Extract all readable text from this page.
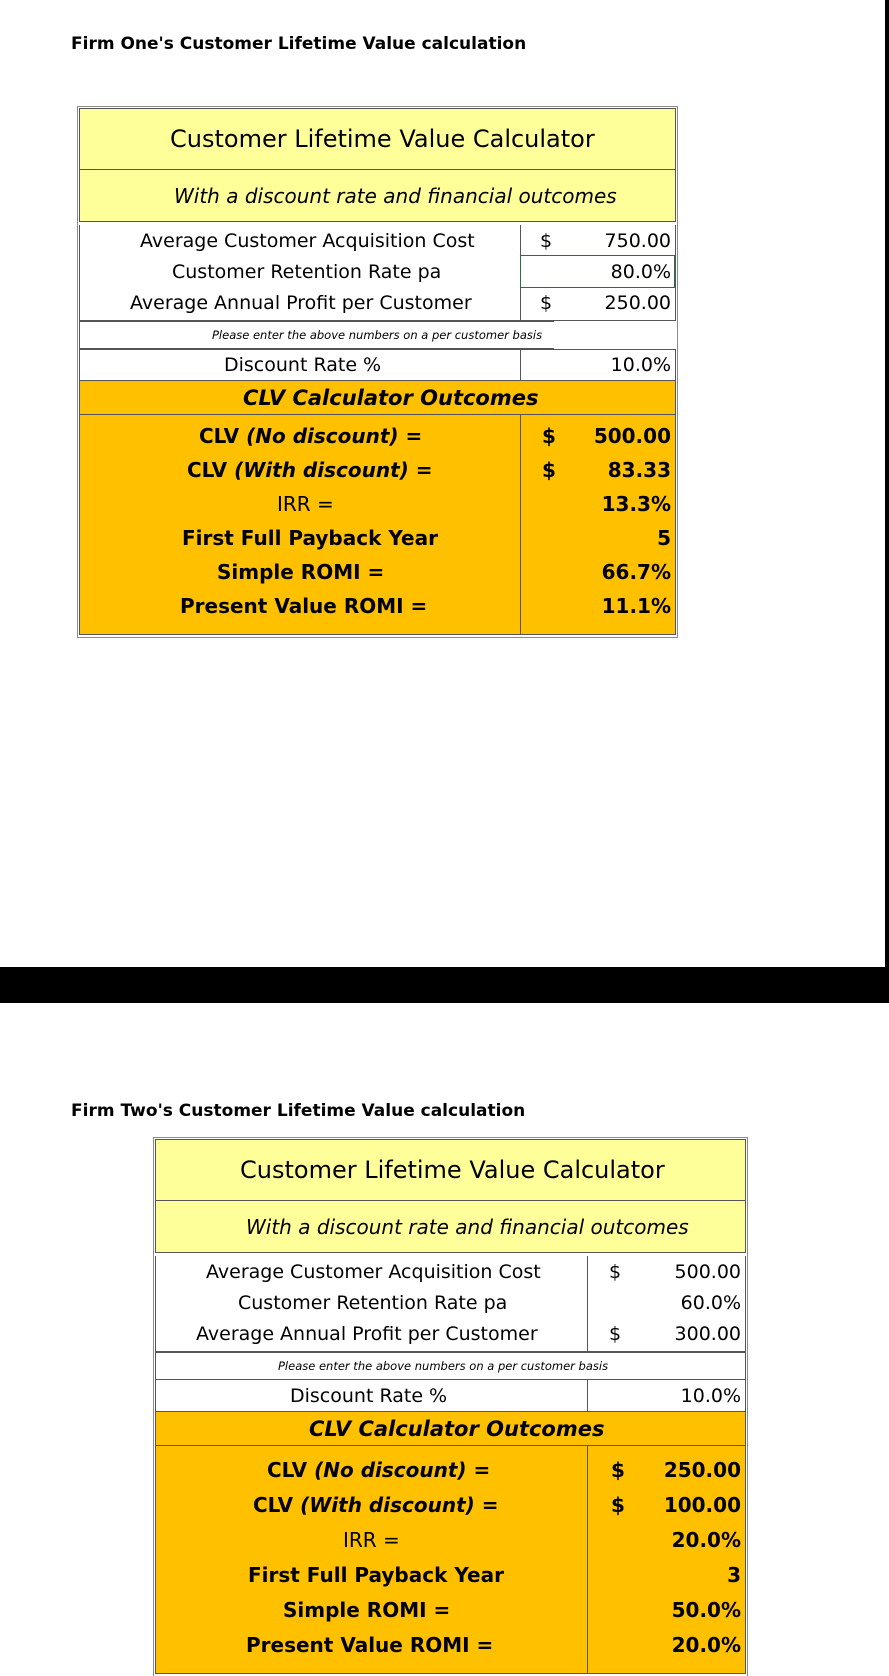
Firm One's Customer Lifetime Value calculation
Customer Lifetime Value Calculator
With a discount rate and financial outcomes
Average Customer Acquisition Cost	$	750.00
Customer Retention Rate pa	80.0%
Average Annual Profit per Customer	$	250.00
Please enter the above numbers on a per customer basis
Discount Rate %	10.0%
CLV Calculator Outcomes
CLV (No discount) =	$ 500.00
CLV (With discount) =	$	83.33
IRR =	13.3%
First Full Payback Year	5
Simple ROMI =	66.7%
Present Value ROMI =	11.1%
Firm Two's Customer Lifetime Value calculation
Customer Lifetime Value Calculator
With a discount rate and financial outcomes
Average Customer Acquisition Cost	$	500.00
Customer Retention Rate pa	60.0%
Average Annual Profit per Customer	$	300.00
Please enter the above numbers on a per customer basis
Discount Rate %	10.0%
CLV Calculator Outcomes
CLV (No discount) =	$ 250.00
CLV (With discount) =	$ 100.00
IRR =	20.0%
First Full Payback Year	3
Simple ROMI =	50.0%
Present Value ROMI =	20.0%
